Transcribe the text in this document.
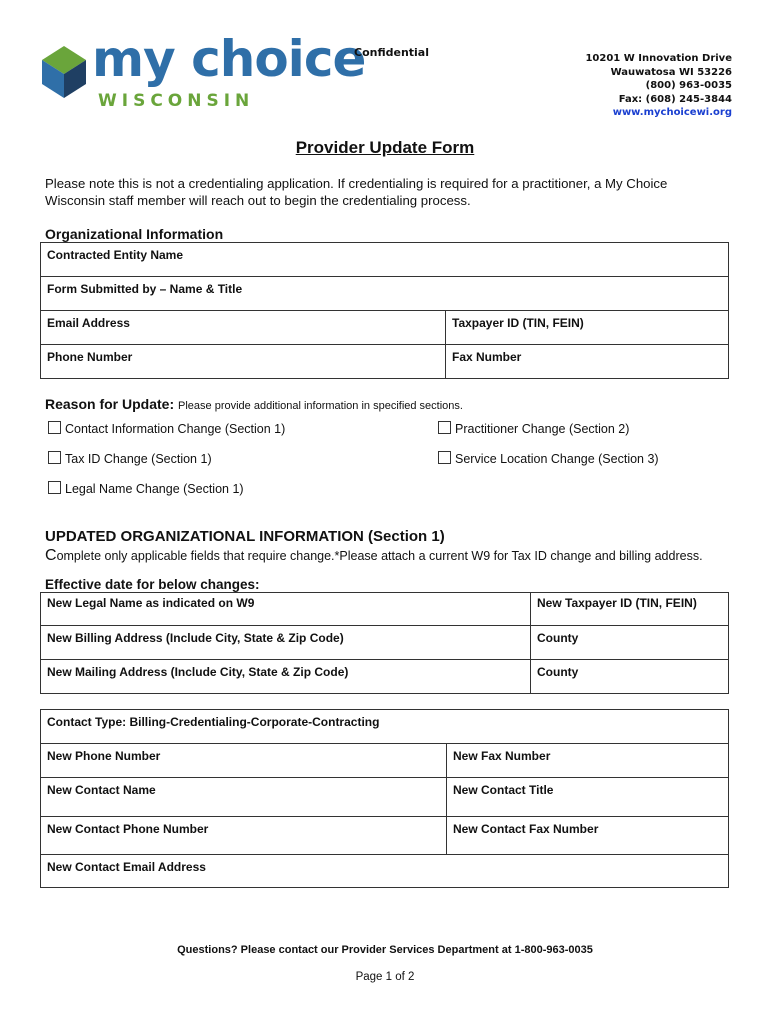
my choice
WISCONSIN
Confidential	10201 W Innovation Drive
Wauwatosa WI 53226
(800) 963-0035
Fax: (608) 245-3844
www.mychoicewi.org
Provider Update Form
Please note this is not a credentialing application. If credentialing is required for a practitioner, a My Choice Wisconsin staff member will reach out to begin the credentialing process.
Organizational Information
Contracted Entity Name	
Form Submitted by – Name & Title	
Email Address	Taxpayer ID (TIN, FEIN)
Phone Number	Fax Number
Reason for Update: Please provide additional information in specified sections.
Contact Information Change (Section 1)	Practitioner Change (Section 2)
Tax ID Change (Section 1)	Service Location Change (Section 3)
Legal Name Change (Section 1)
UPDATED ORGANIZATIONAL INFORMATION (Section 1)
Complete only applicable fields that require change.*Please attach a current W9 for Tax ID change and billing address.
Effective date for below changes:
New Legal Name as indicated on W9	New Taxpayer ID (TIN, FEIN)
New Billing Address (Include City, State & Zip Code)	County
New Mailing Address (Include City, State & Zip Code)	County
Contact Type: Billing-Credentialing-Corporate-Contracting	
New Phone Number	New Fax Number
New Contact Name	New Contact Title
New Contact Phone Number	New Contact Fax Number
New Contact Email Address	
Questions? Please contact our Provider Services Department at 1-800-963-0035
Page 1 of 2
